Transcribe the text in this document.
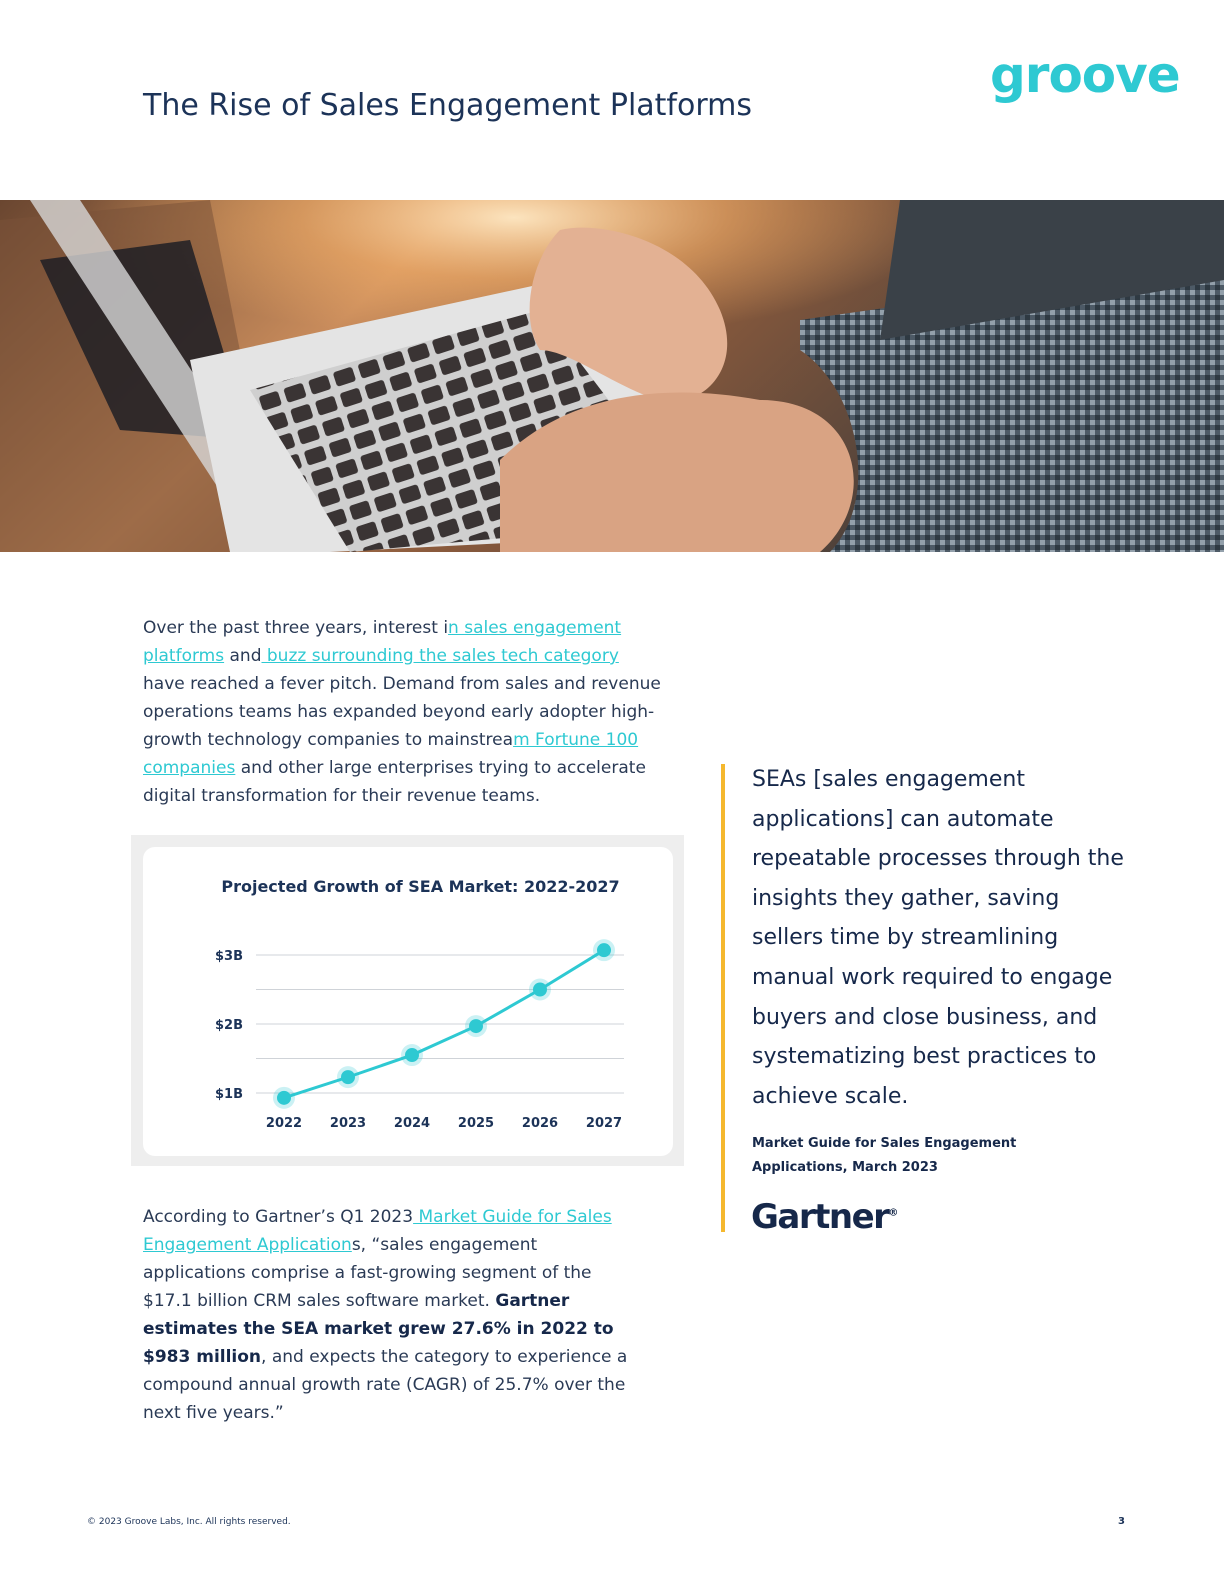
groove
The Rise of Sales Engagement Platforms

Over the past three years, interest in sales engagement platforms and buzz surrounding the sales tech category have reached a fever pitch. Demand from sales and revenue operations teams has expanded beyond early adopter high-growth technology companies to mainstream Fortune 100 companies and other large enterprises trying to accelerate digital transformation for their revenue teams.

Projected Growth of SEA Market: 2022-2027
$1B
$2B
$3B
2022 2023 2024 2025 2026 2027
SEAs [sales engagement applications] can automate repeatable processes through the insights they gather, saving sellers time by streamlining manual work required to engage buyers and close business, and systematizing best practices to achieve scale.
Market Guide for Sales Engagement Applications, March 2023
Gartner®

According to Gartner’s Q1 2023 Market Guide for Sales Engagement Applications, “sales engagement applications comprise a fast-growing segment of the $17.1 billion CRM sales software market. Gartner estimates the SEA market grew 27.6% in 2022 to $983 million, and expects the category to experience a compound annual growth rate (CAGR) of 25.7% over the next five years.”

© 2023 Groove Labs, Inc. All rights reserved.	3
